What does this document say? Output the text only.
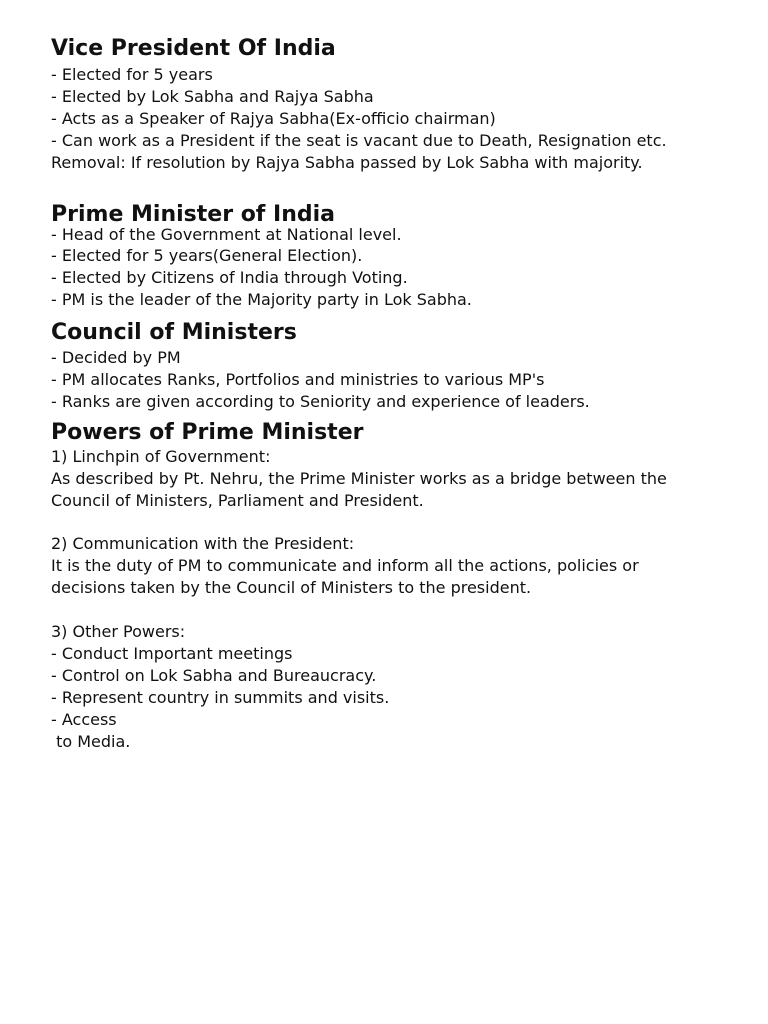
Vice President Of India

- Elected for 5 years

- Elected by Lok Sabha and Rajya Sabha

- Acts as a Speaker of Rajya Sabha(Ex-officio chairman)

- Can work as a President if the seat is vacant due to Death, Resignation etc.

Removal: If resolution by Rajya Sabha passed by Lok Sabha with majority.

Prime Minister of India

- Head of the Government at National level.

- Elected for 5 years(General Election).

- Elected by Citizens of India through Voting.

- PM is the leader of the Majority party in Lok Sabha.

Council of Ministers

- Decided by PM

- PM allocates Ranks, Portfolios and ministries to various MP's

- Ranks are given according to Seniority and experience of leaders.

Powers of Prime Minister

1) Linchpin of Government:

As described by Pt. Nehru, the Prime Minister works as a bridge between the

Council of Ministers, Parliament and President.

2) Communication with the President:

It is the duty of PM to communicate and inform all the actions, policies or

decisions taken by the Council of Ministers to the president.

3) Other Powers:

- Conduct Important meetings

- Control on Lok Sabha and Bureaucracy.

- Represent country in summits and visits.

- Access

to Media.
